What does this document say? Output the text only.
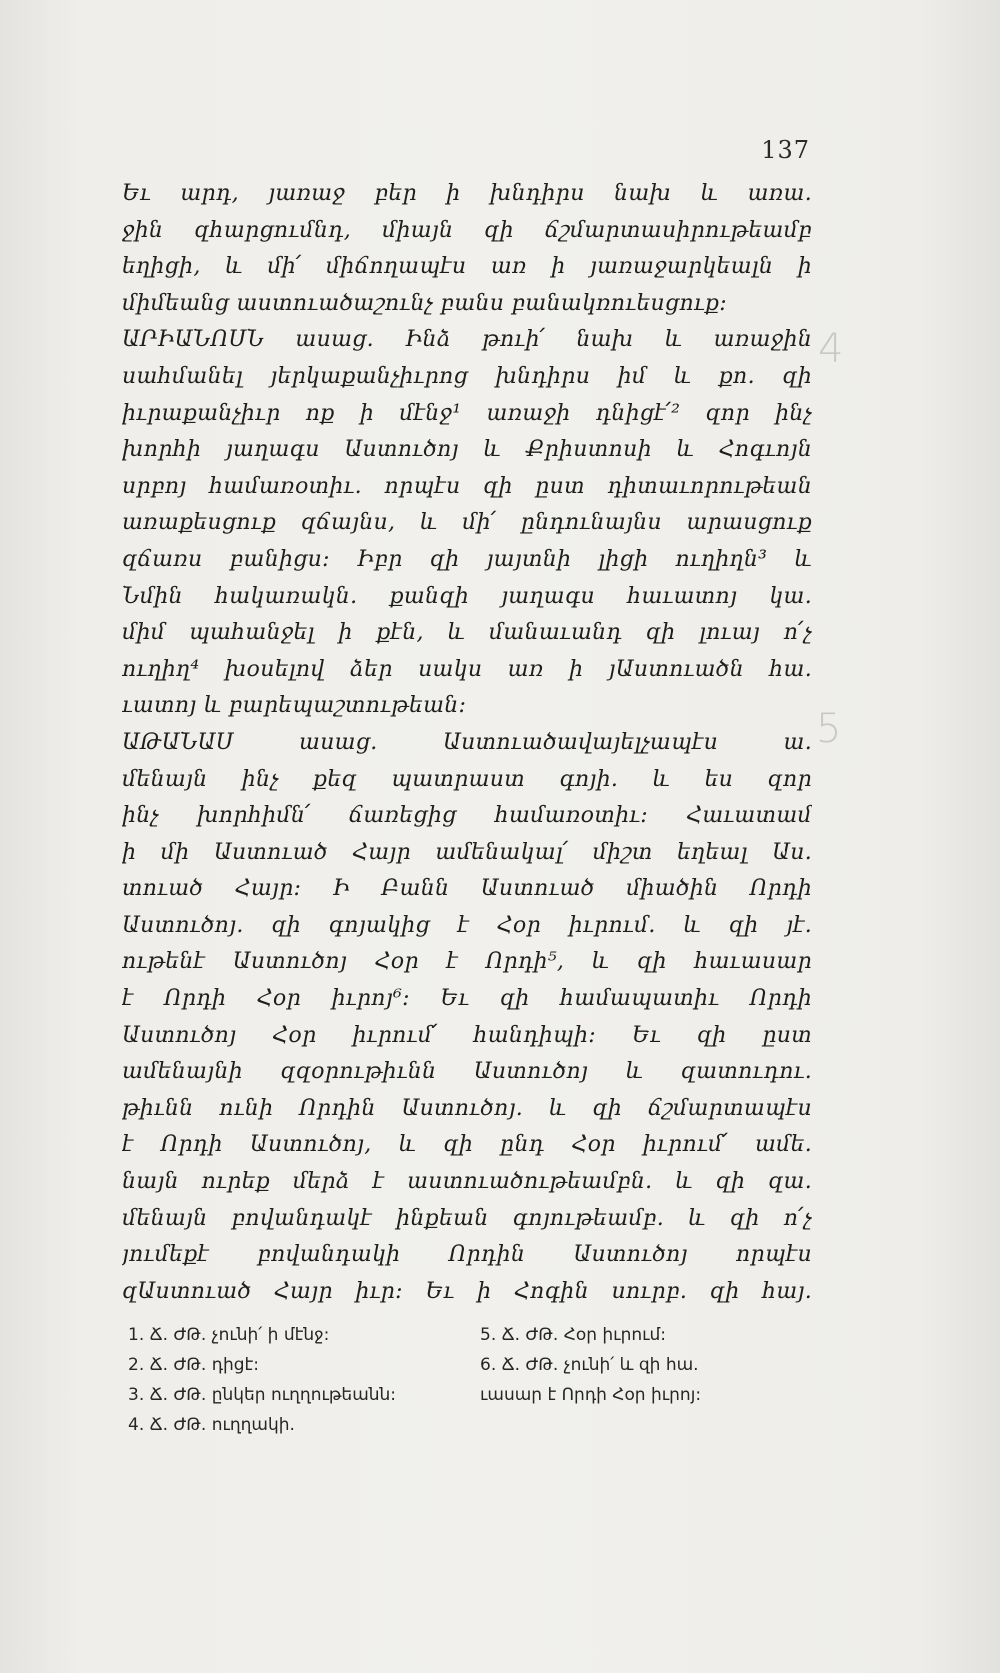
137
4
5
Եւ արդ, յառաջ բեր ի խնդիրս նախ և առա.
ջին զհարցումնդ, միայն զի ճշմարտասիրութեամբ
եղիցի, և մի՛ միճողապէս առ ի յառաջարկեալն ի
միմեանց աստուածաշունչ բանս բանակռուեսցուք:
ԱՐԻԱՆՈՍՆ ասաց. Ինձ թուի՛ նախ և առաջին
սահմանել յերկաքանչիւրոց խնդիրս իմ և քո. զի
իւրաքանչիւր ոք ի մէնջ¹ առաջի դնիցէ՛² զոր ինչ
խորհի յաղագս Աստուծոյ և Քրիստոսի և Հոգւոյն
սրբոյ համառօտիւ. որպէս զի ըստ դիտաւորութեան
առաքեսցուք զճայնս, և մի՛ ընդունայնս արասցուք
զճառս բանիցս: Իբր զի յայտնի լիցի ուղիղն³ և
Նմին հակառակն. քանզի յաղագս հաւատոյ կա.
միմ պահանջել ի քէն, և մանաւանդ զի լուայ ո՛չ
ուղիղ⁴ խօսելով ձեր սակս առ ի յԱստուածն հա.
ւատոյ և բարեպաշտութեան:
ԱԹԱՆԱՍ ասաց. Աստուածավայելչապէս ա.
մենայն ինչ քեզ պատրաստ գոյի. և ես զոր
ինչ խորհիմն՛ ճառեցից համառօտիւ: Հաւատամ
ի մի Աստուած Հայր ամենակալ՛ միշտ եղեալ Աս.
տուած Հայր: Ի Բանն Աստուած միածին Որդի
Աստուծոյ. զի գոյակից է Հօր իւրում. և զի յէ.
ութենէ Աստուծոյ Հօր է Որդի⁵, և զի հաւասար
է Որդի Հօր իւրոյ⁶: Եւ զի համապատիւ Որդի
Աստուծոյ Հօր իւրում՛ հանդիպի: Եւ զի ըստ
ամենայնի զզօրութիւնն Աստուծոյ և զատուդու.
թիւնն ունի Որդին Աստուծոյ. և զի ճշմարտապէս
է Որդի Աստուծոյ, և զի ընդ Հօր իւրում՛ ամե.
նայն ուրեք մերձ է աստուածութեամբն. և զի զա.
մենայն բովանդակէ ինքեան գոյութեամբ. և զի ո՛չ
յումեքէ բովանդակի Որդին Աստուծոյ որպէս
զԱստուած Հայր իւր: Եւ ի Հոգին սուրբ. զի հայ.
1. Ճ. ԺԹ. չունի՛ ի մէնջ:
2. Ճ. ԺԹ. դիցէ:
3. Ճ. ԺԹ. ընկեր ուղղութեանն:
4. Ճ. ԺԹ. ուղղակի.
5. Ճ. ԺԹ. Հօր իւրում:
6. Ճ. ԺԹ. չունի՛ և զի հա.
ւասար է Որդի Հօր իւրոյ:
